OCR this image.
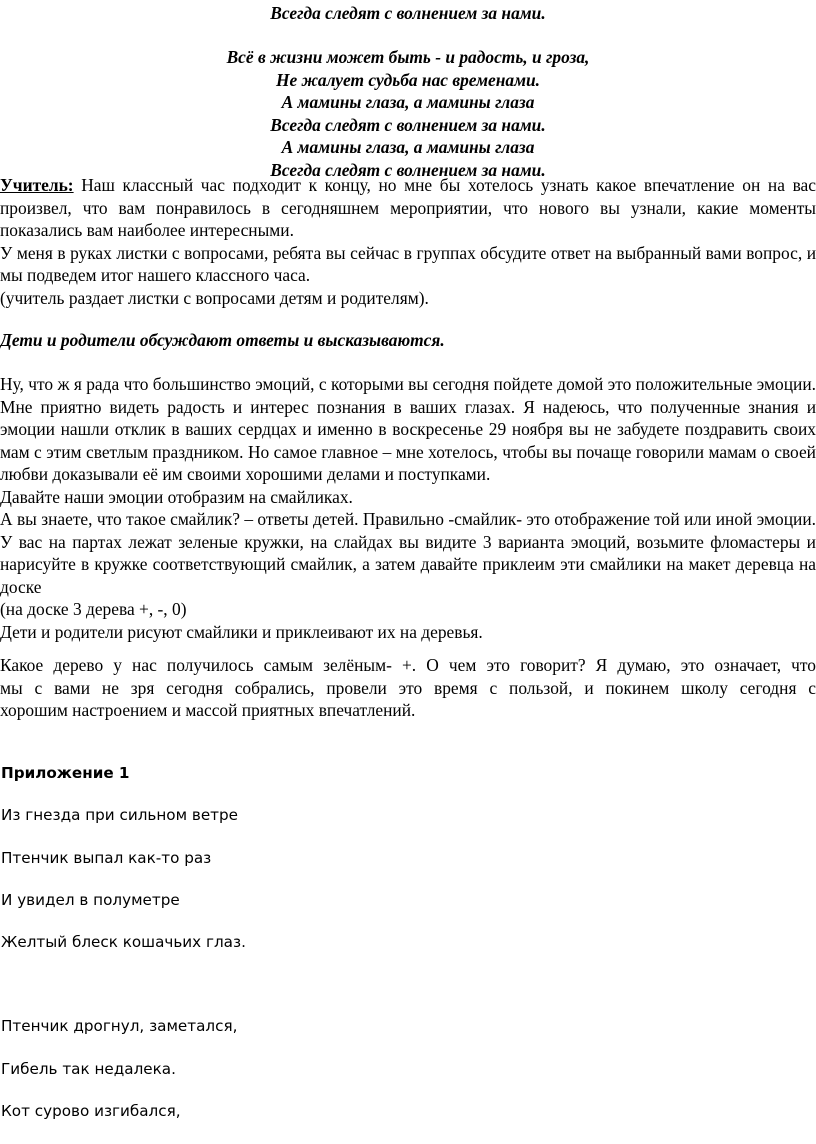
Всегда следят с волнением за нами.
Всё в жизни может быть - и радость, и гроза,
Не жалует судьба нас временами.
А мамины глаза, а мамины глаза
Всегда следят с волнением за нами.
А мамины глаза, а мамины глаза
Всегда следят с волнением за нами.

Учитель: Наш классный час подходит к концу, но мне бы хотелось узнать какое впечатление он на вас произвел, что вам понравилось в сегодняшнем мероприятии, что нового вы узнали, какие моменты показались вам наиболее интересными.

У меня в руках листки с вопросами, ребята вы сейчас в группах обсудите ответ на выбранный вами вопрос, и мы подведем итог нашего классного часа.

(учитель раздает листки с вопросами детям и родителям).

Дети и родители обсуждают ответы и высказываются.

Ну, что ж я рада что большинство эмоций, с которыми вы сегодня пойдете домой это положительные эмоции. Мне приятно видеть радость и интерес познания в ваших глазах. Я надеюсь, что полученные знания и эмоции нашли отклик в ваших сердцах и именно в воскресенье 29 ноября вы не забудете поздравить своих мам с этим светлым праздником. Но самое главное – мне хотелось, чтобы вы почаще говорили мамам о своей любви доказывали её им своими хорошими делами и поступками.

Давайте наши эмоции отобразим на смайликах.

А вы знаете, что такое смайлик? – ответы детей. Правильно -смайлик- это отображение той или иной эмоции. У вас на партах лежат зеленые кружки, на слайдах вы видите 3 варианта эмоций, возьмите фломастеры и нарисуйте в кружке соответствующий смайлик, а затем давайте приклеим эти смайлики на макет деревца на доске

(на доске 3 дерева +, -, 0)

Дети и родители рисуют смайлики и приклеивают их на деревья.

Какое дерево у нас получилось самым зелёным- +. О чем это говорит? Я думаю, это означает, что

мы с вами не зря сегодня собрались, провели это время с пользой, и покинем школу сегодня с

хорошим настроением и массой приятных впечатлений.

Приложение 1
Из гнезда при сильном ветре
Птенчик выпал как-то раз
И увидел в полуметре
Желтый блеск кошачьих глаз.
Птенчик дрогнул, заметался,
Гибель так недалека.
Кот сурово изгибался,
